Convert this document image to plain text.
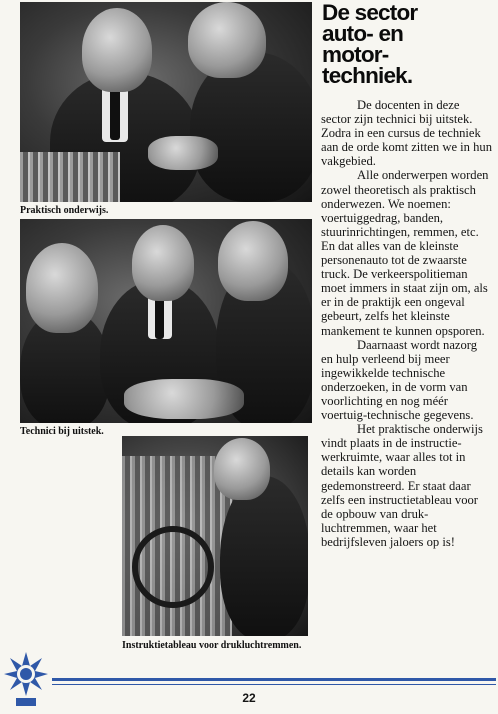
Praktisch onderwijs.
Technici bij uitstek.
Instruktietableau voor drukluchtremmen.
De sector
auto- en
motor-
techniek.

De docenten in deze sector zijn technici bij uitstek. Zodra in een cursus de techniek aan de orde komt zitten we in hun vakgebied.

Alle onderwerpen worden zowel theoretisch als praktisch onderwezen. We noemen: voertuiggedrag, banden, stuurinrichtingen, remmen, etc. En dat alles van de kleinste personenauto tot de zwaarste truck. De verkeerspolitieman moet immers in staat zijn om, als er in de praktijk een ongeval gebeurt, zelfs het kleinste mankement te kunnen opsporen.

Daarnaast wordt nazorg en hulp verleend bij meer ingewikkelde technische onderzoeken, in de vorm van voorlichting en nog méér voertuig-technische gegevens.

Het praktische onderwijs vindt plaats in de instructie-werkruimte, waar alles tot in details kan worden gedemonstreerd. Er staat daar zelfs een instructietableau voor de opbouw van druk-luchtremmen, waar het bedrijfsleven jaloers op is!

22
